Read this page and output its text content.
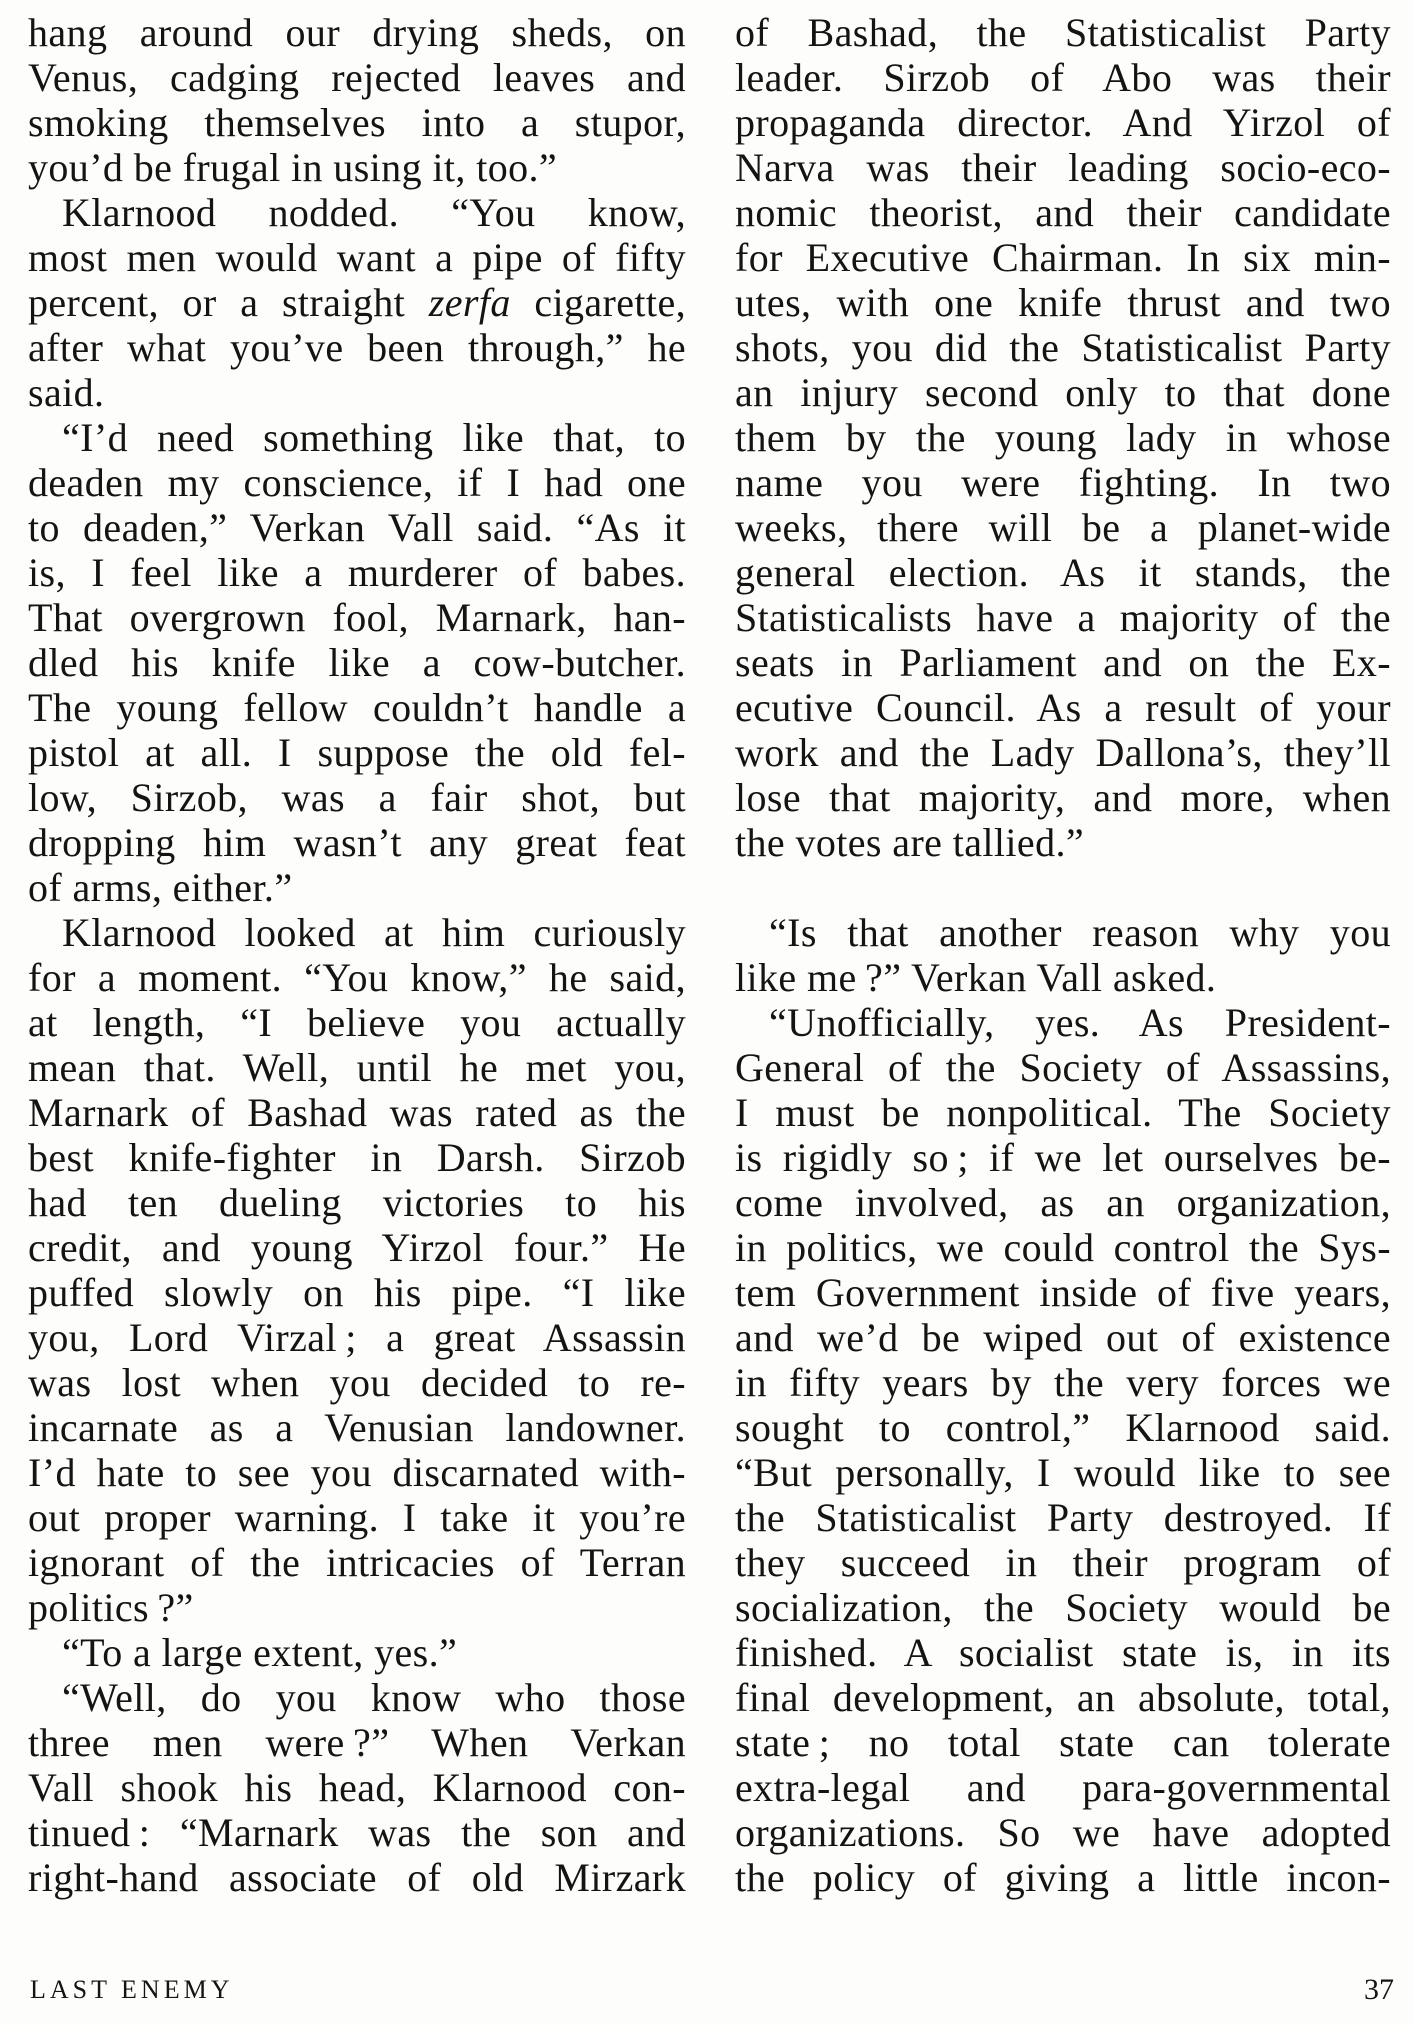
hang around our drying sheds, on
Venus, cadging rejected leaves and
smoking themselves into a stupor,
you’d be frugal in using it, too.”
Klarnood nodded. “You know,
most men would want a pipe of fifty
percent, or a straight zerfa cigarette,
after what you’ve been through,” he
said.
“I’d need something like that, to
deaden my conscience, if I had one
to deaden,” Verkan Vall said. “As it
is, I feel like a murderer of babes.
That overgrown fool, Marnark, han-
dled his knife like a cow-butcher.
The young fellow couldn’t handle a
pistol at all. I suppose the old fel-
low, Sirzob, was a fair shot, but
dropping him wasn’t any great feat
of arms, either.”
Klarnood looked at him curiously
for a moment. “You know,” he said,
at length, “I believe you actually
mean that. Well, until he met you,
Marnark of Bashad was rated as the
best knife-fighter in Darsh. Sirzob
had ten dueling victories to his
credit, and young Yirzol four.” He
puffed slowly on his pipe. “I like
you, Lord Virzal ; a great Assassin
was lost when you decided to re-
incarnate as a Venusian landowner.
I’d hate to see you discarnated with-
out proper warning. I take it you’re
ignorant of the intricacies of Terran
politics ?”
“To a large extent, yes.”
“Well, do you know who those
three men were ?” When Verkan
Vall shook his head, Klarnood con-
tinued : “Marnark was the son and
right-hand associate of old Mirzark
of Bashad, the Statisticalist Party
leader. Sirzob of Abo was their
propaganda director. And Yirzol of
Narva was their leading socio-eco-
nomic theorist, and their candidate
for Executive Chairman. In six min-
utes, with one knife thrust and two
shots, you did the Statisticalist Party
an injury second only to that done
them by the young lady in whose
name you were fighting. In two
weeks, there will be a planet-wide
general election. As it stands, the
Statisticalists have a majority of the
seats in Parliament and on the Ex-
ecutive Council. As a result of your
work and the Lady Dallona’s, they’ll
lose that majority, and more, when
the votes are tallied.”
“Is that another reason why you
like me ?” Verkan Vall asked.
“Unofficially, yes. As President-
General of the Society of Assassins,
I must be nonpolitical. The Society
is rigidly so ; if we let ourselves be-
come involved, as an organization,
in politics, we could control the Sys-
tem Government inside of five years,
and we’d be wiped out of existence
in fifty years by the very forces we
sought to control,” Klarnood said.
“But personally, I would like to see
the Statisticalist Party destroyed. If
they succeed in their program of
socialization, the Society would be
finished. A socialist state is, in its
final development, an absolute, total,
state ; no total state can tolerate
extra-legal and para-governmental
organizations. So we have adopted
the policy of giving a little incon-
LAST ENEMY	37
